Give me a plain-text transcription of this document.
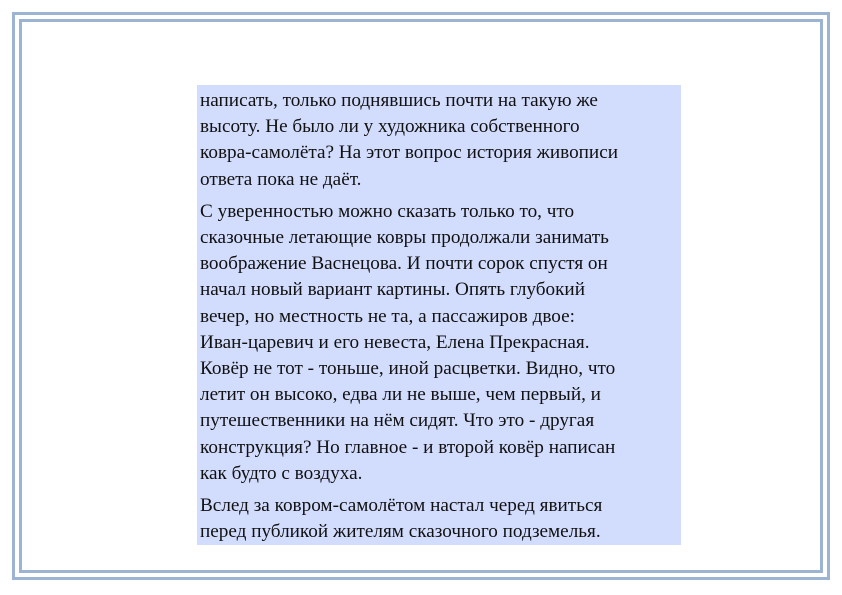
написать, только поднявшись почти на такую же
высоту. Не было ли у художника собственного
ковра-самолёта? На этот вопрос история живописи
ответа пока не даёт.

С уверенностью можно сказать только то, что
сказочные летающие ковры продолжали занимать
воображение Васнецова. И почти сорок спустя он
начал новый вариант картины. Опять глубокий
вечер, но местность не та, а пассажиров двое:
Иван-царевич и его невеста, Елена Прекрасная.
Ковёр не тот - тоньше, иной расцветки. Видно, что
летит он высоко, едва ли не выше, чем первый, и
путешественники на нём сидят. Что это - другая
конструкция? Но главное - и второй ковёр написан
как будто с воздуха.

Вслед за ковром-самолётом настал черед явиться
перед публикой жителям сказочного подземелья.
